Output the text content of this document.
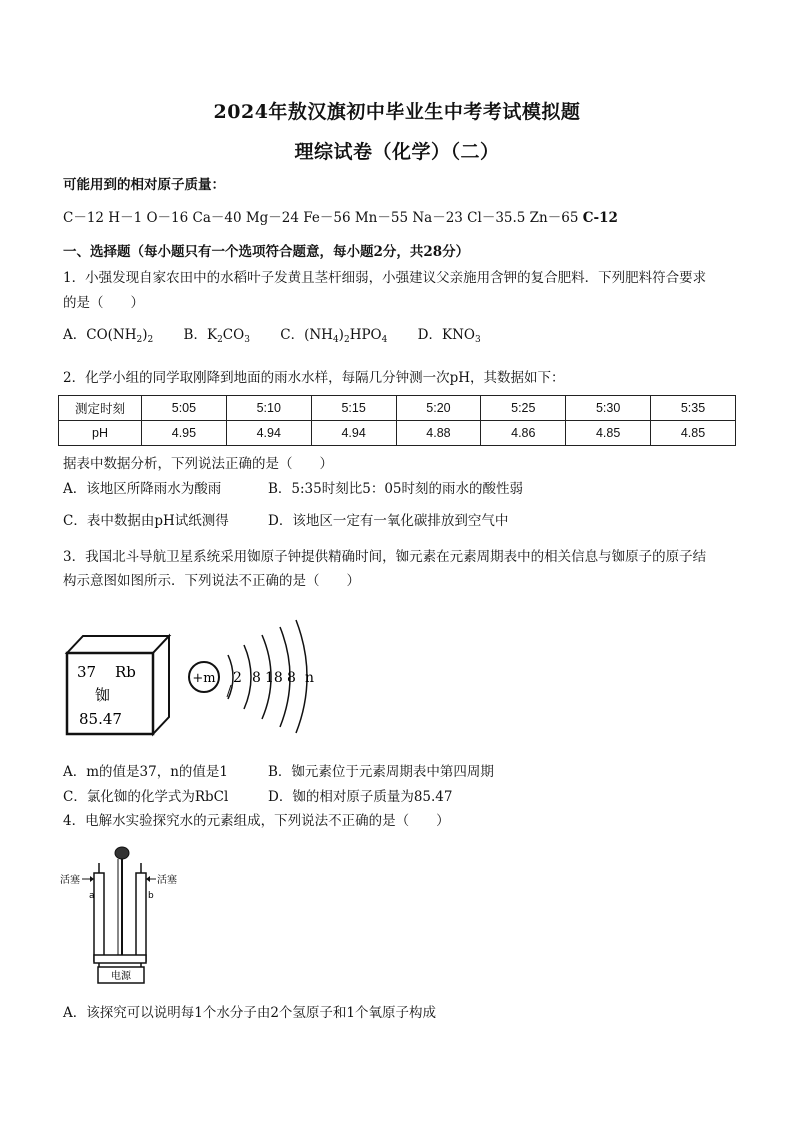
2024年敖汉旗初中毕业生中考考试模拟题
理综试卷（化学）（二）
可能用到的相对原子质量：
C－12 H－1 O－16 Ca－40 Mg－24 Fe－56 Mn－55 Na－23 Cl－35.5 Zn－65 C-12
一、选择题（每小题只有一个选项符合题意，每小题2分，共28分）
1．小强发现自家农田中的水稻叶子发黄且茎杆细弱，小强建议父亲施用含钾的复合肥料．下列肥料符合要求
的是（　　）
A．$CO(NH_2)_2$ B．$K_2CO_3$ C．$(NH_4)_2HPO_4$ D．$KNO_3$
2．化学小组的同学取刚降到地面的雨水水样，每隔几分钟测一次pH，其数据如下：
测定时刻	5:05	5:10	5:15	5:20	5:25	5:30	5:35
pH	4.95	4.94	4.94	4.88	4.86	4.85	4.85
据表中数据分析，下列说法正确的是（　　）
A．该地区所降雨水为酸雨	B．5:35时刻比5：05时刻的雨水的酸性弱
C．表中数据由pH试纸测得	D．该地区一定有一氧化碳排放到空气中
3．我国北斗导航卫星系统采用铷原子钟提供精确时间，铷元素在元素周期表中的相关信息与铷原子的原子结
构示意图如图所示．下列说法不正确的是（　　）
37 Rb
铷
85.47
+m 2 8 18 8 n
A．m的值是37，n的值是1	B．铷元素位于元素周期表中第四周期
C．氯化铷的化学式为RbCl	D．铷的相对原子质量为85.47
4．电解水实验探究水的元素组成，下列说法不正确的是（　　）
电源
活塞	活塞
a	b
A．该探究可以说明每1个水分子由2个氢原子和1个氧原子构成
